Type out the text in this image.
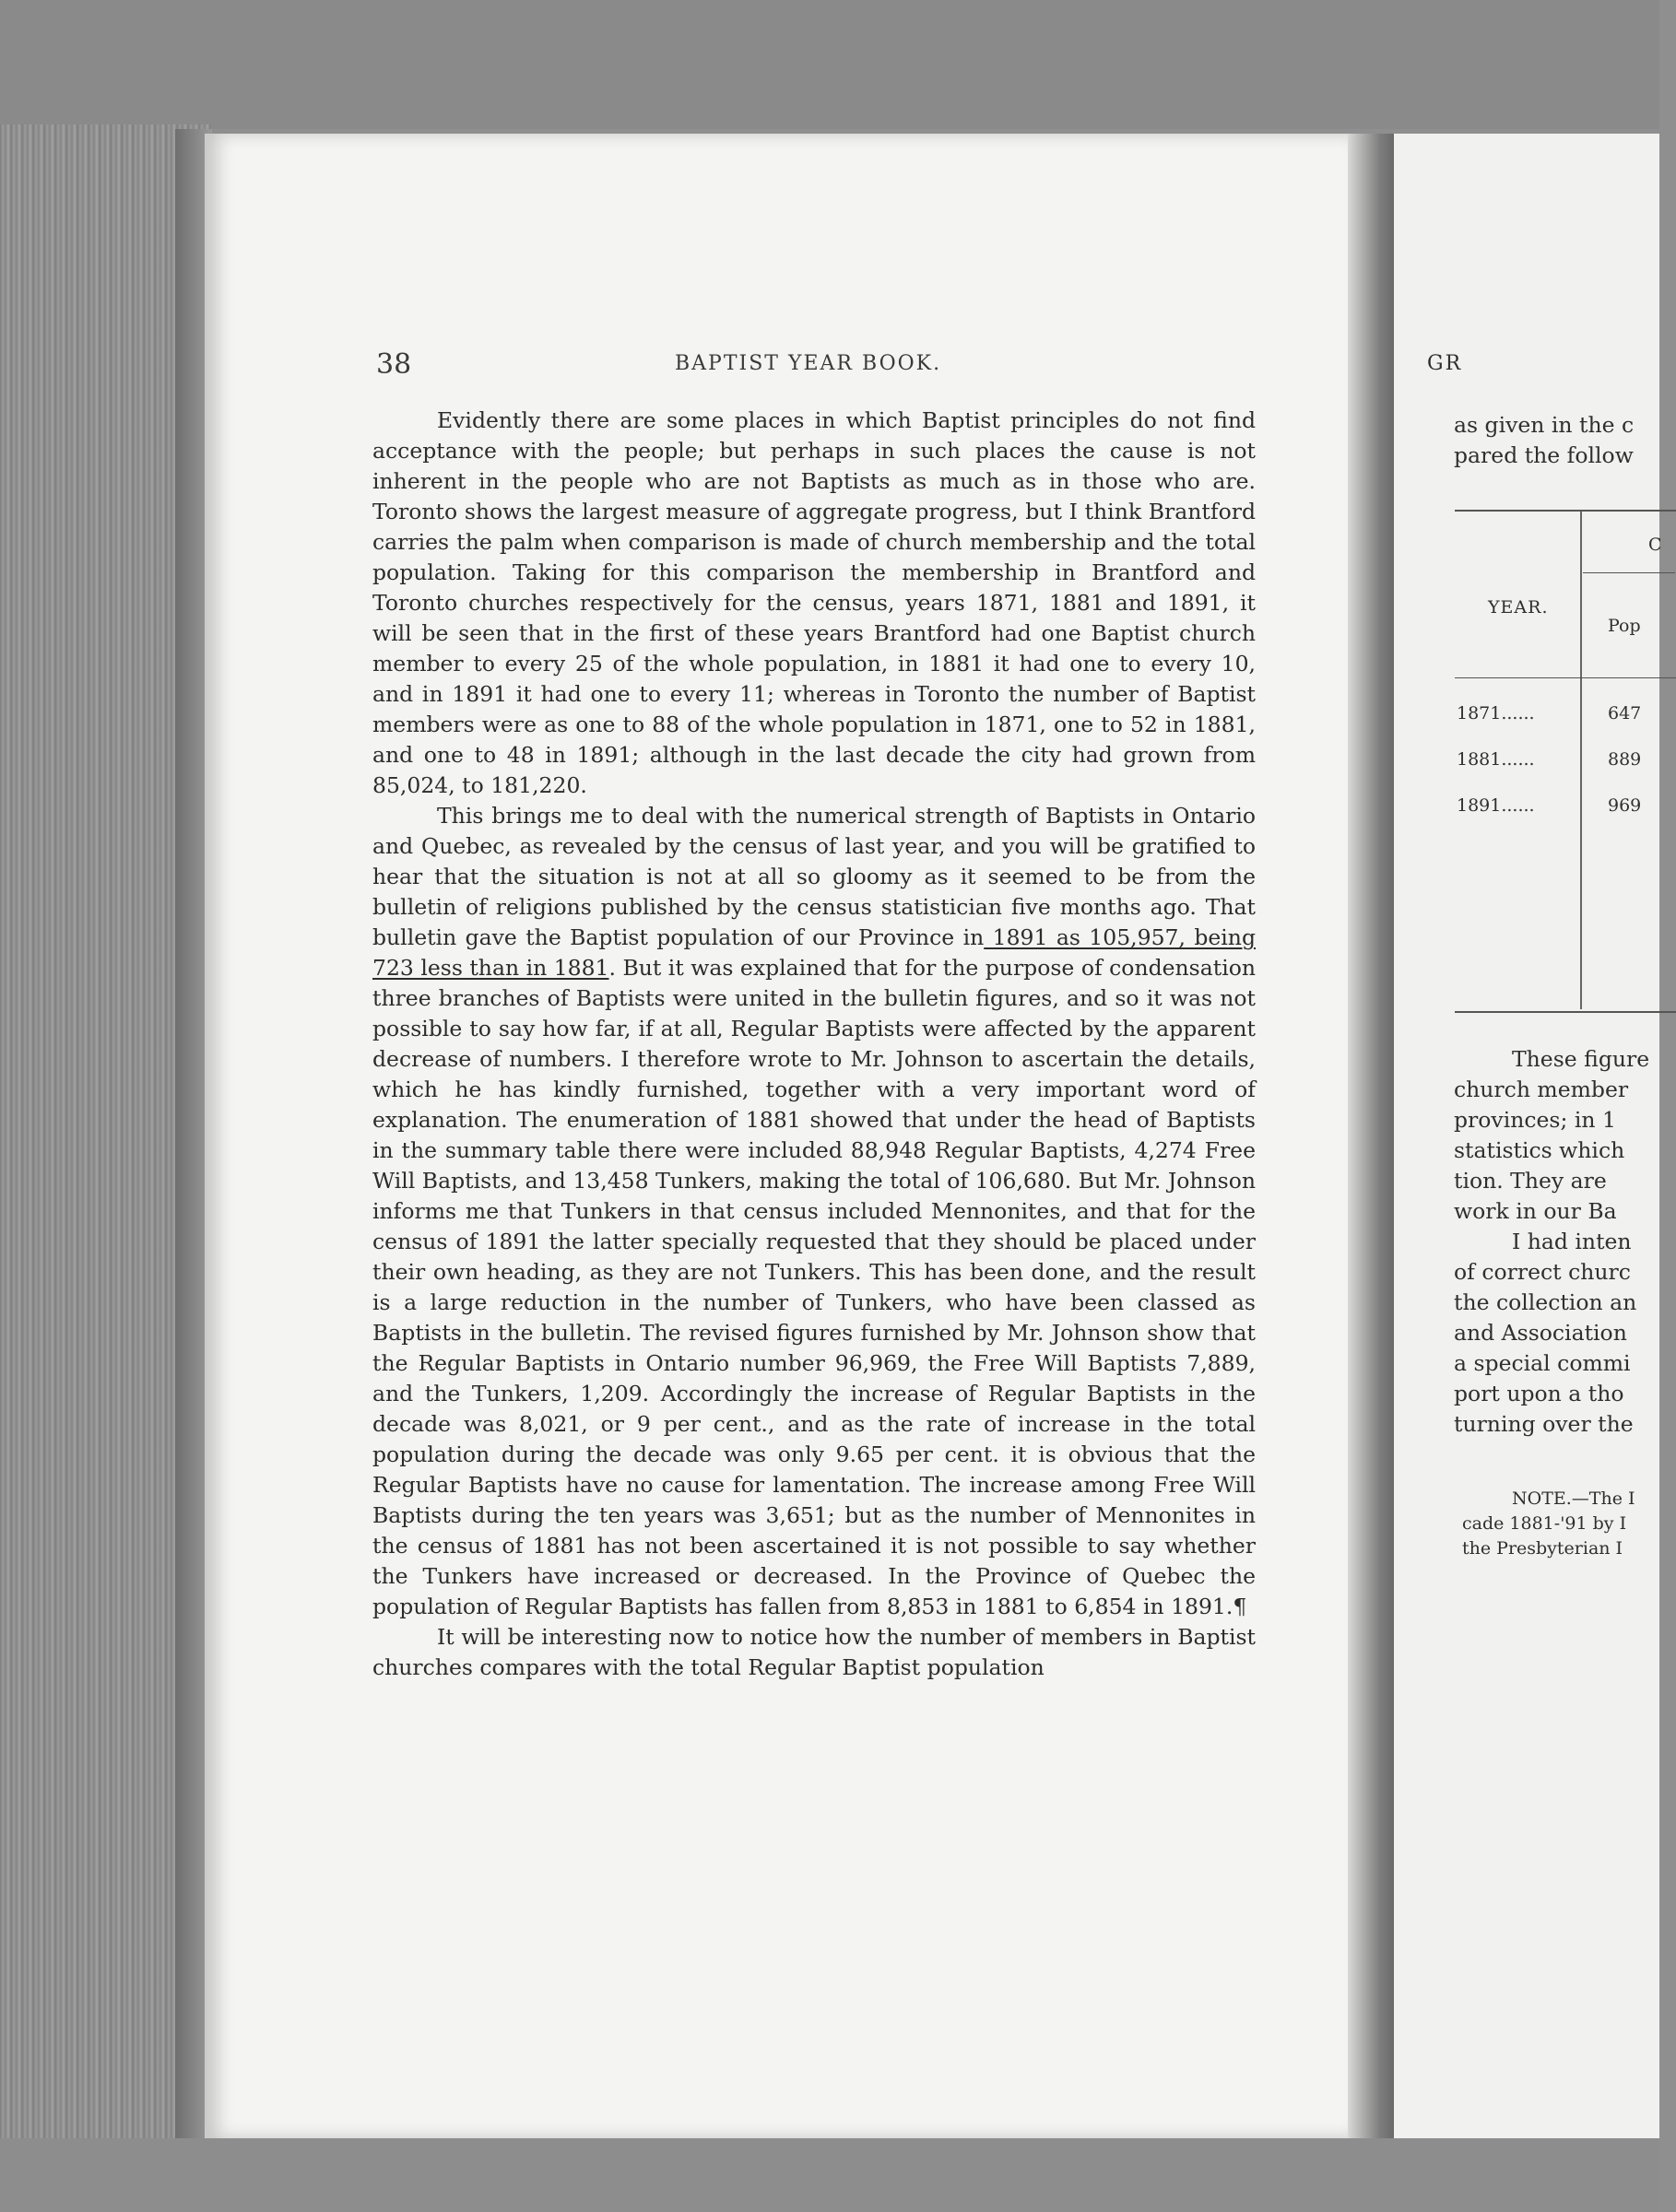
38	BAPTIST YEAR BOOK.

Evidently there are some places in which Baptist principles do not find acceptance with the people; but perhaps in such places the cause is not inherent in the people who are not Baptists as much as in those who are. Toronto shows the largest measure of aggregate progress, but I think Brantford carries the palm when comparison is made of church membership and the total population. Taking for this comparison the membership in Brantford and Toronto churches respectively for the census, years 1871, 1881 and 1891, it will be seen that in the first of these years Brantford had one Baptist church member to every 25 of the whole population, in 1881 it had one to every 10, and in 1891 it had one to every 11; whereas in Toronto the number of Baptist members were as one to 88 of the whole population in 1871, one to 52 in 1881, and one to 48 in 1891; although in the last decade the city had grown from 85,024, to 181,220.

This brings me to deal with the numerical strength of Baptists in Ontario and Quebec, as revealed by the census of last year, and you will be gratified to hear that the situation is not at all so gloomy as it seemed to be from the bulletin of religions published by the census statistician five months ago. That bulletin gave the Baptist population of our Province in 1891 as 105,957, being 723 less than in 1881. But it was explained that for the purpose of condensation three branches of Baptists were united in the bulletin figures, and so it was not possible to say how far, if at all, Regular Baptists were affected by the apparent decrease of numbers. I therefore wrote to Mr. Johnson to ascertain the details, which he has kindly furnished, together with a very important word of explanation. The enumeration of 1881 showed that under the head of Baptists in the summary table there were included 88,948 Regular Baptists, 4,274 Free Will Baptists, and 13,458 Tunkers, making the total of 106,680. But Mr. Johnson informs me that Tunkers in that census included Mennonites, and that for the census of 1891 the latter specially requested that they should be placed under their own heading, as they are not Tunkers. This has been done, and the result is a large reduction in the number of Tunkers, who have been classed as Baptists in the bulletin. The revised figures furnished by Mr. Johnson show that the Regular Baptists in Ontario number 96,969, the Free Will Baptists 7,889, and the Tunkers, 1,209. Accordingly the increase of Regular Baptists in the decade was 8,021, or 9 per cent., and as the rate of increase in the total population during the decade was only 9.65 per cent. it is obvious that the Regular Baptists have no cause for lamentation. The increase among Free Will Baptists during the ten years was 3,651; but as the number of Mennonites in the census of 1881 has not been ascertained it is not possible to say whether the Tunkers have increased or decreased. In the Province of Quebec the population of Regular Baptists has fallen from 8,853 in 1881 to 6,854 in 1891.¶

It will be interesting now to notice how the number of members in Baptist churches compares with the total Regular Baptist population

GR
as given in the c
pared the follow
YEAR.
C
Pop
1871......	647
1881......	889
1891......	969
These figure
church member
provinces; in 1
statistics which
tion. They are
work in our Ba
I had inten
of correct churc
the collection an
and Association
a special commi
port upon a tho
turning over the
NOTE.—The I
cade 1881-'91 by I
the Presbyterian I
